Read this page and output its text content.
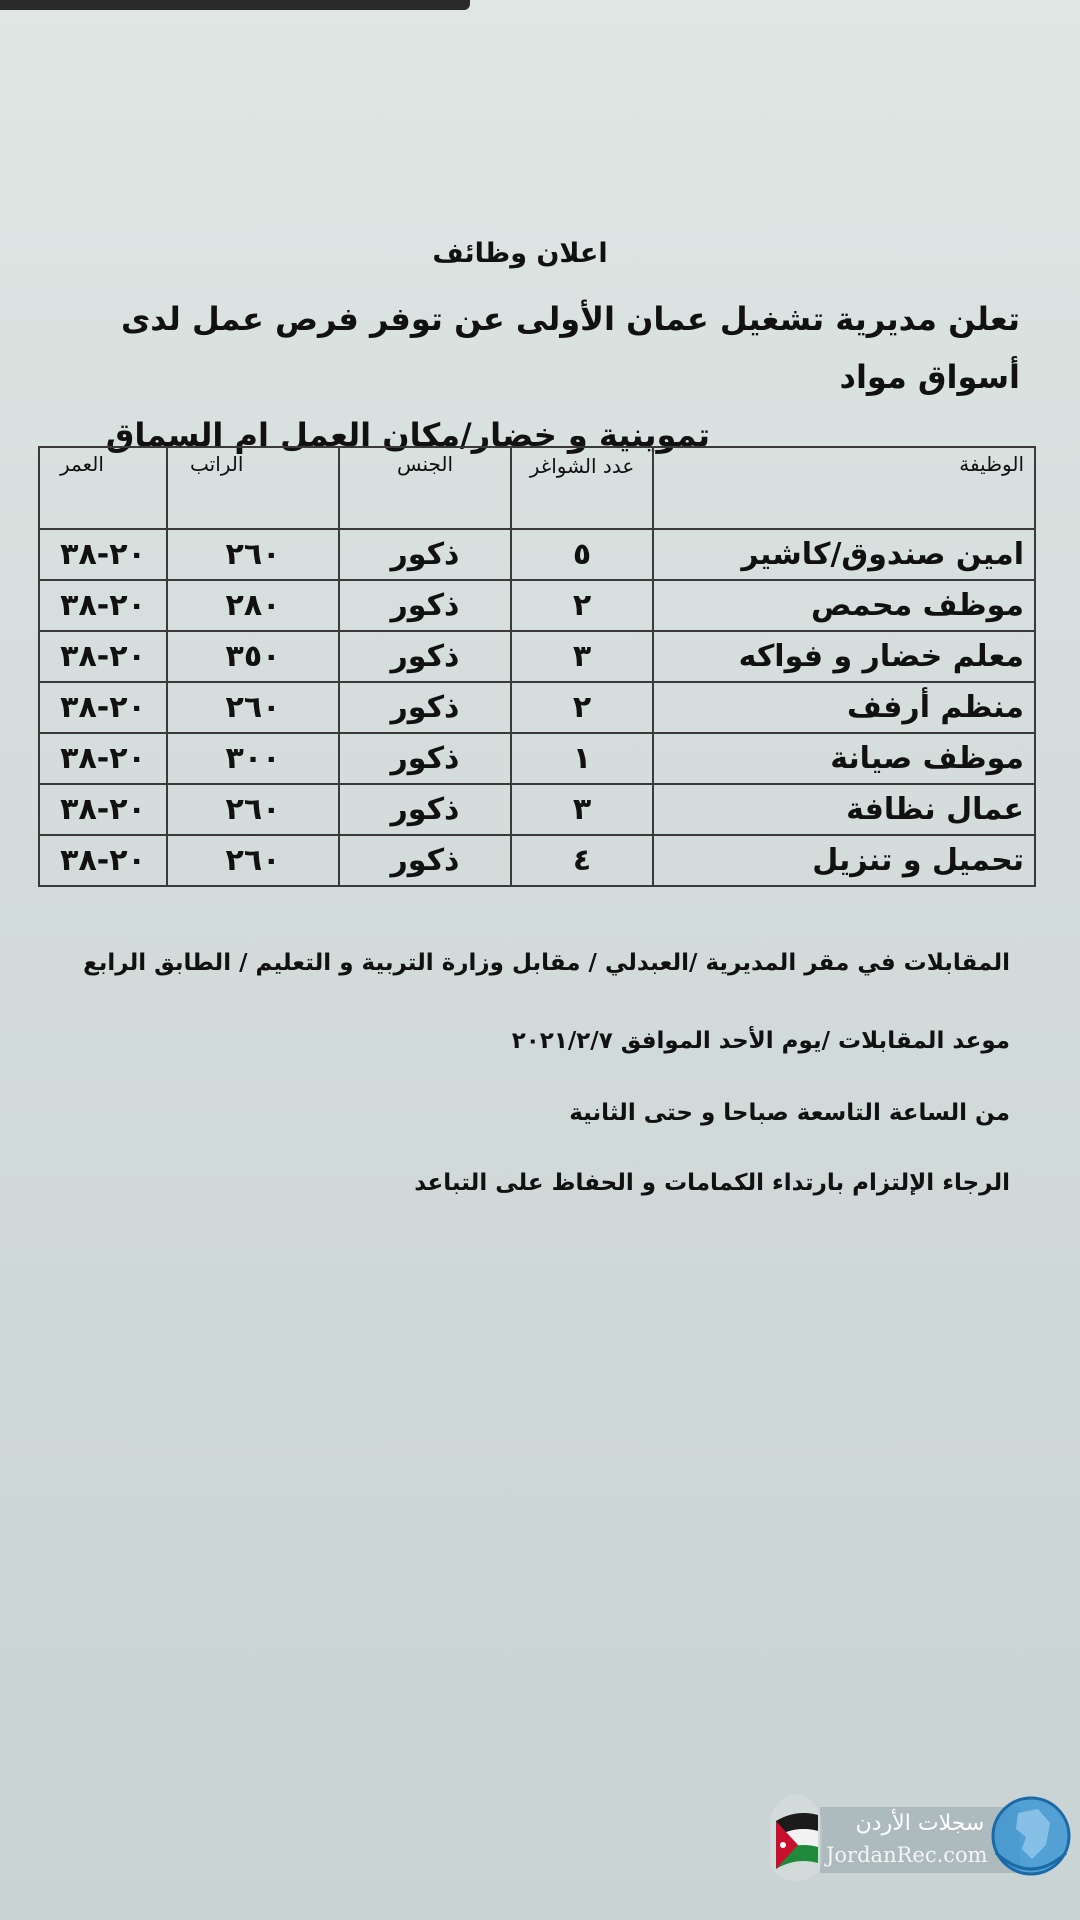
اعلان وظائف
تعلن مديرية تشغيل عمان الأولى عن توفر فرص عمل لدى أسواق مواد
تموينية و خضار/مكان العمل ام السماق
الوظيفة	عدد الشواغر	الجنس	الراتب	العمر
امين صندوق/كاشير	٥	ذكور	٢٦٠	٢٠-٣٨
موظف محمص	٢	ذكور	٢٨٠	٢٠-٣٨
معلم خضار و فواكه	٣	ذكور	٣٥٠	٢٠-٣٨
منظم أرفف	٢	ذكور	٢٦٠	٢٠-٣٨
موظف صيانة	١	ذكور	٣٠٠	٢٠-٣٨
عمال نظافة	٣	ذكور	٢٦٠	٢٠-٣٨
تحميل و تنزيل	٤	ذكور	٢٦٠	٢٠-٣٨
المقابلات في مقر المديرية /العبدلي / مقابل وزارة التربية و التعليم / الطابق الرابع
موعد المقابلات /يوم الأحد الموافق ٢٠٢١/٢/٧
من الساعة التاسعة صباحا و حتى الثانية
الرجاء الإلتزام بارتداء الكمامات و الحفاظ على التباعد
سجلات الأردن
JordanRec.com
